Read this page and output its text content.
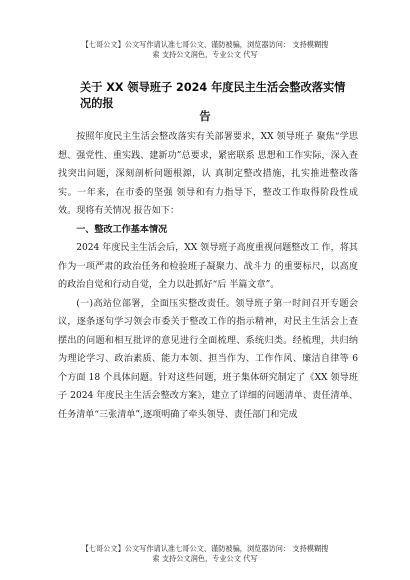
【七哥公文】公文写作请认准七哥公文、谨防被骗，浏览器访问： 支持模糊搜
索 支持公文润色，专业公文 代写
关于 XX 领导班子 2024 年度民主生活会整改落实情况的报
告

按照年度民主生活会整改落实有关部署要求，XX 领导班子 聚焦“学思想、强党性、重实践、建新功”总要求，紧密联系 思想和工作实际，深入查找突出问题，深刻剖析问题根源，认 真制定整改措施，扎实推进整改落实。一年来，在市委的坚强 领导和有力指导下，整改工作取得阶段性成效。现将有关情况 报告如下：

一、整改工作基本情况

2024 年度民主生活会后，XX 领导班子高度重视问题整改工 作，将其作为一项严肃的政治任务和检验班子凝聚力、战斗力 的重要标尺，以高度的政治自觉和行动自觉，全力以赴抓好“后 半篇文章”。

(一)高站位部署，全面压实整改责任。领导班子第一时间召开专题会议，逐条逐句学习领会市委关于整改工作的指示精神，对民主生活会上查摆出的问题和相互批评的意见进行全面梳理、系统归类。经梳理，共归纳为理论学习、政治素质、能力本领、担当作为、工作作风、廉洁自律等 6 个方面 18 个具体问题。针对这些问题，班子集体研究制定了《XX 领导班子 2024 年度民主生活会整改方案》，建立了详细的问题清单、责任清单、任务清单“三张清单”,逐项明确了牵头领导、责任部门和完成

【七哥公文】公文写作请认准七哥公文、谨防被骗，浏览器访问： 支持模糊搜
索 支持公文润色，专业公文 代写
